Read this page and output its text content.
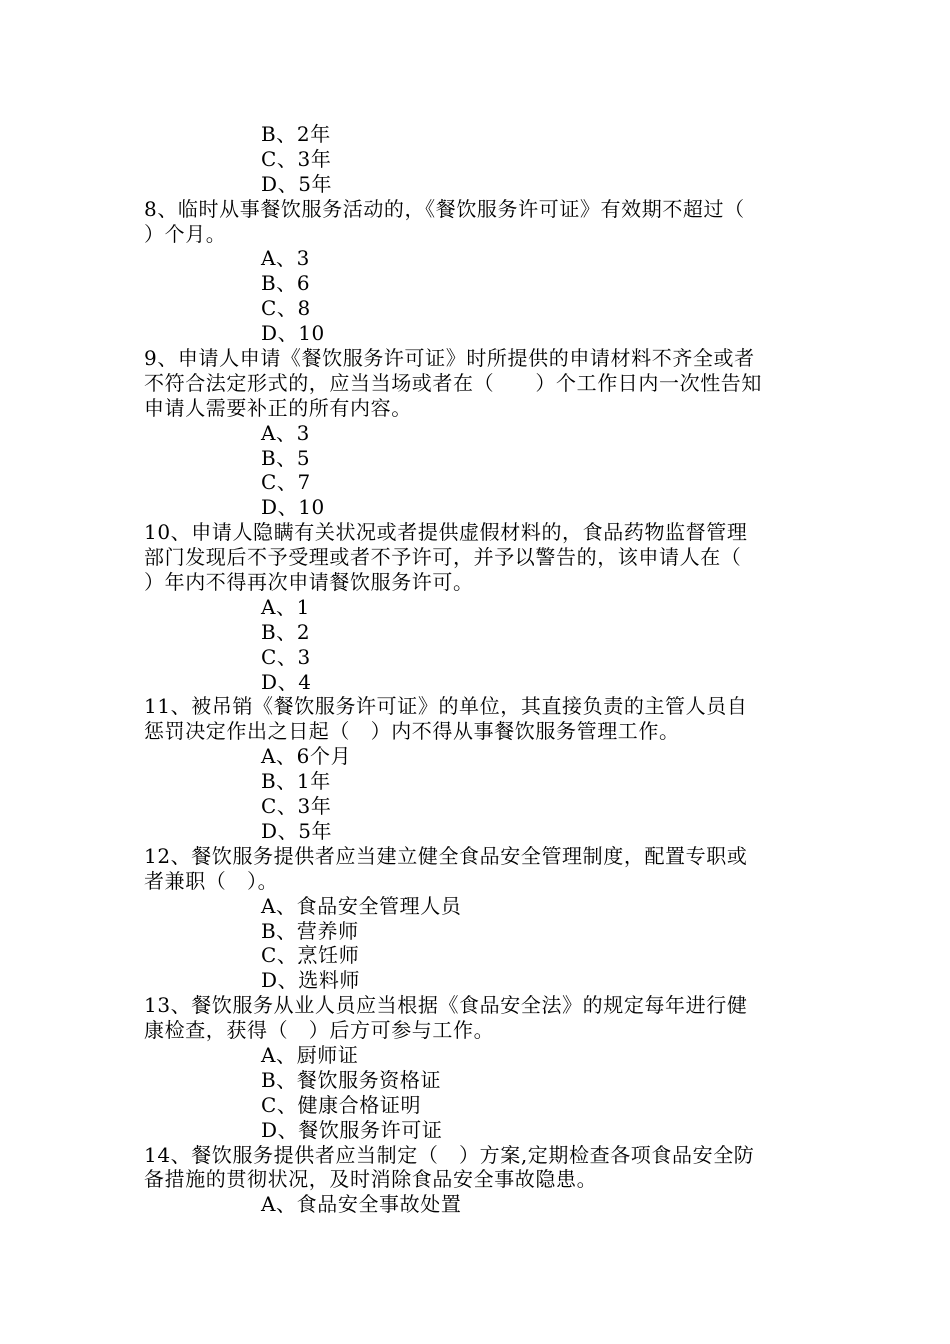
B、2年
C、3年
D、5年
8、临时从事餐饮服务活动的，《餐饮服务许可证》有效期不超过（
）个月。
A、3
B、6
C、8
D、10
9、申请人申请《餐饮服务许可证》时所提供的申请材料不齐全或者
不符合法定形式的，应当当场或者在（　　）个工作日内一次性告知
申请人需要补正的所有内容。
A、3
B、5
C、7
D、10
10、申请人隐瞒有关状况或者提供虚假材料的，食品药物监督管理
部门发现后不予受理或者不予许可，并予以警告的，该申请人在（
）年内不得再次申请餐饮服务许可。
A、1
B、2
C、3
D、4
11、被吊销《餐饮服务许可证》的单位，其直接负责的主管人员自
惩罚决定作出之日起（　）内不得从事餐饮服务管理工作。
A、6个月
B、1年
C、3年
D、5年
12、餐饮服务提供者应当建立健全食品安全管理制度，配置专职或
者兼职（　）。
A、食品安全管理人员
B、营养师
C、烹饪师
D、选料师
13、餐饮服务从业人员应当根据《食品安全法》的规定每年进行健
康检查，获得（　）后方可参与工作。
A、厨师证
B、餐饮服务资格证
C、健康合格证明
D、餐饮服务许可证
14、餐饮服务提供者应当制定（　）方案,定期检查各项食品安全防
备措施的贯彻状况，及时消除食品安全事故隐患。
A、食品安全事故处置
